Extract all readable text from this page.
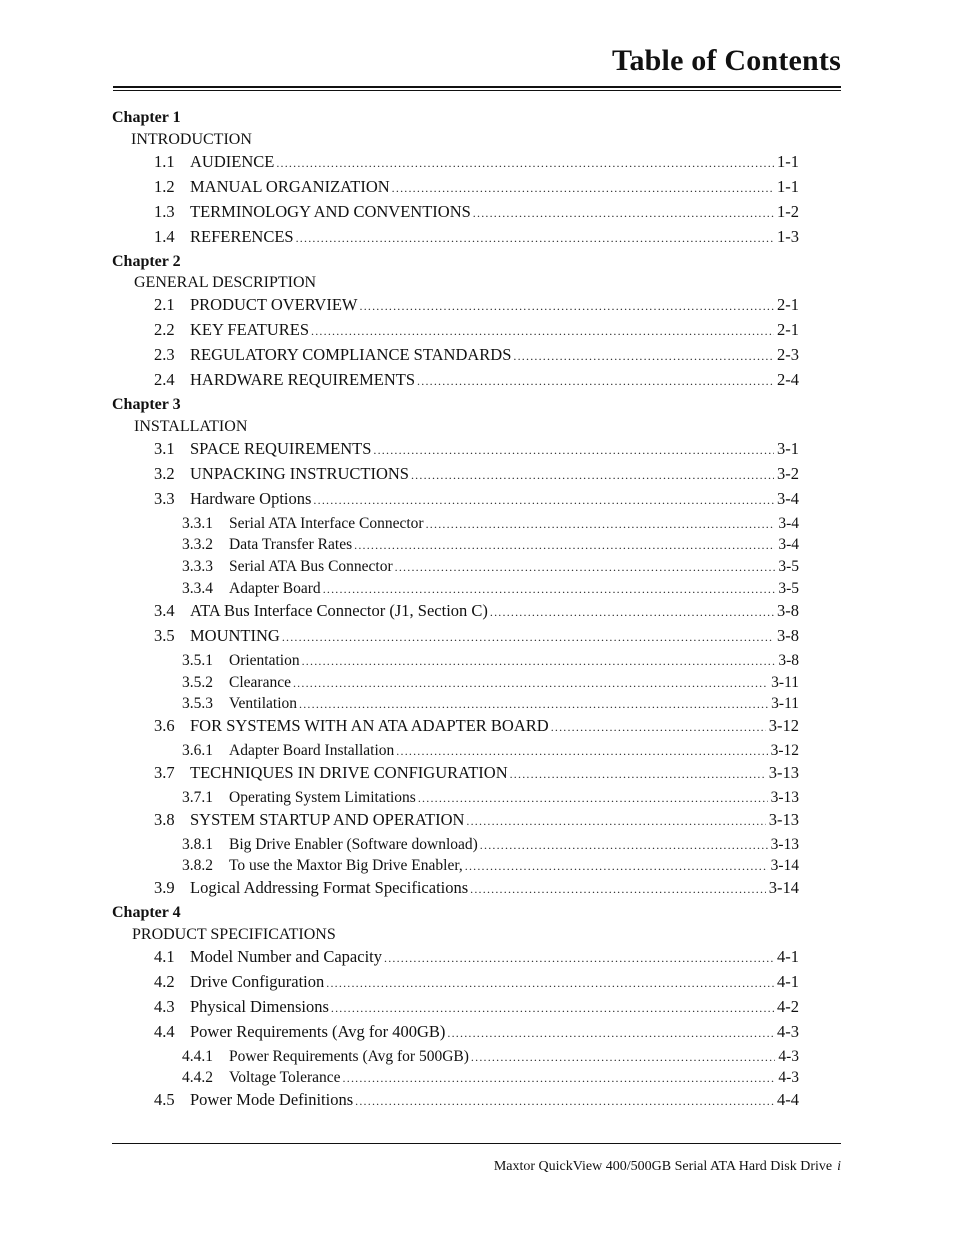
Table of Contents
Chapter 1
INTRODUCTION
1.1 AUDIENCE .....	1-1
1.2 MANUAL ORGANIZATION .....	1-1
1.3 TERMINOLOGY AND CONVENTIONS .....	1-2
1.4 REFERENCES .....	1-3
Chapter 2
GENERAL DESCRIPTION
2.1 PRODUCT OVERVIEW .....	2-1
2.2 KEY FEATURES .....	2-1
2.3 REGULATORY COMPLIANCE STANDARDS .....	2-3
2.4 HARDWARE REQUIREMENTS .....	2-4
Chapter 3
INSTALLATION
3.1 SPACE REQUIREMENTS .....	3-1
3.2 UNPACKING INSTRUCTIONS .....	3-2
3.3 Hardware Options .....	3-4
3.3.1	Serial ATA Interface Connector .....	3-4
3.3.2	Data Transfer Rates .....	3-4
3.3.3	Serial ATA Bus Connector .....	3-5
3.3.4	Adapter Board .....	3-5
3.4 ATA Bus Interface Connector (J1, Section C) .....	3-8
3.5 MOUNTING .....	3-8
3.5.1	Orientation .....	3-8
3.5.2	Clearance .....	3-11
3.5.3	Ventilation .....	3-11
3.6 FOR SYSTEMS WITH AN ATA ADAPTER BOARD .....	3-12
3.6.1	Adapter Board Installation .....	3-12
3.7 TECHNIQUES IN DRIVE CONFIGURATION .....	3-13
3.7.1	Operating System Limitations .....	3-13
3.8 SYSTEM STARTUP AND OPERATION .....	3-13
3.8.1	Big Drive Enabler (Software download) .....	3-13
3.8.2	To use the Maxtor Big Drive Enabler, .....	3-14
3.9 Logical Addressing Format Specifications .....	3-14
Chapter 4
PRODUCT SPECIFICATIONS
4.1 Model Number and Capacity .....	4-1
4.2 Drive Configuration .....	4-1
4.3 Physical Dimensions .....	4-2
4.4 Power Requirements (Avg for 400GB) .....	4-3
4.4.1	Power Requirements (Avg for 500GB) .....	4-3
4.4.2	Voltage Tolerance .....	4-3
4.5 Power Mode Definitions .....	4-4
Maxtor QuickView 400/500GB Serial ATA Hard Disk Drive i
